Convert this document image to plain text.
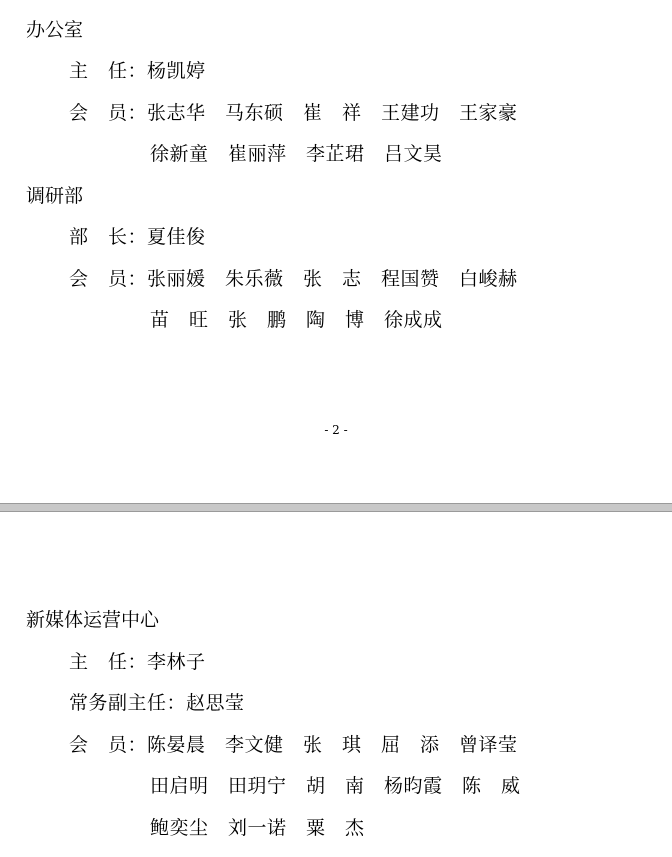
办公室
主　任：杨凯婷
会　员：张志华　马东硕　崔　祥　王建功　王家豪
徐新童　崔丽萍　李芷珺　吕文昊
调研部
部　长：夏佳俊
会　员：张丽媛　朱乐薇　张　志　程国赞　白峻赫
苗　旺　张　鹏　陶　博　徐成成
- 2 -
新媒体运营中心
主　任：李林子
常务副主任：赵思莹
会　员：陈晏晨　李文健　张　琪　屈　添　曾译莹
田启明　田玥宁　胡　南　杨昀霞　陈　威
鲍奕尘　刘一诺　粟　杰
